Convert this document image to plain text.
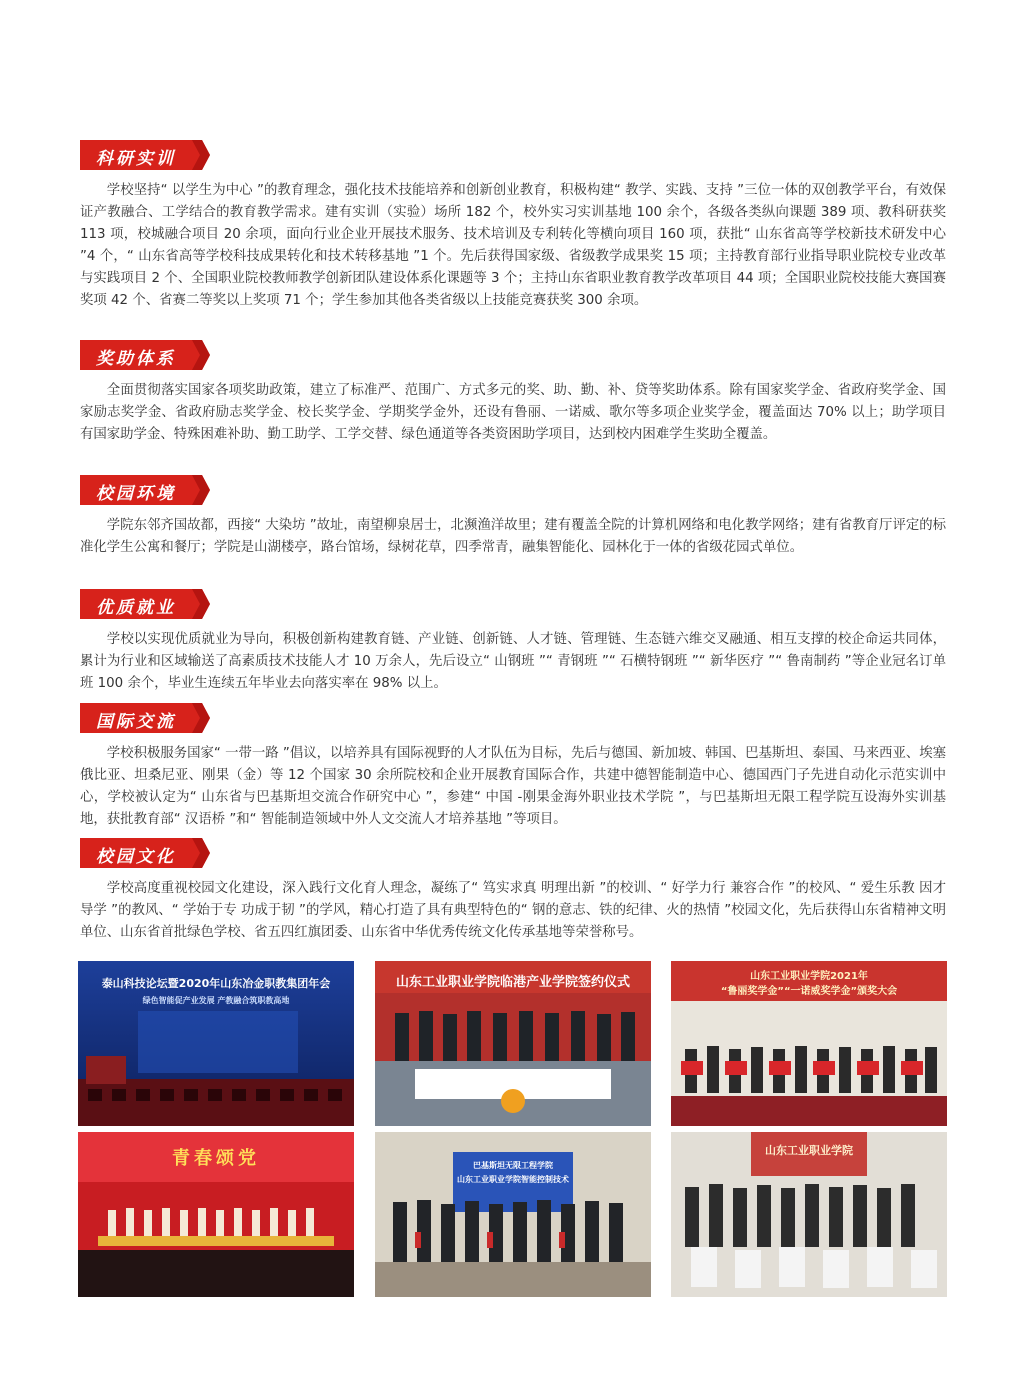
科研实训

学校坚持“ 以学生为中心 ”的教育理念，强化技术技能培养和创新创业教育，积极构建“ 教学、实践、支持 ”三位一体的双创教学平台，有效保证产教融合、工学结合的教育教学需求。建有实训（实验）场所 182 个，校外实习实训基地 100 余个，各级各类纵向课题 389 项、教科研获奖 113 项，校城融合项目 20 余项，面向行业企业开展技术服务、技术培训及专利转化等横向项目 160 项，获批“ 山东省高等学校新技术研发中心 ”4 个，“ 山东省高等学校科技成果转化和技术转移基地 ”1 个。先后获得国家级、省级教学成果奖 15 项；主持教育部行业指导职业院校专业改革与实践项目 2 个、全国职业院校教师教学创新团队建设体系化课题等 3 个；主持山东省职业教育教学改革项目 44 项；全国职业院校技能大赛国赛奖项 42 个、省赛二等奖以上奖项 71 个；学生参加其他各类省级以上技能竞赛获奖 300 余项。

奖助体系

全面贯彻落实国家各项奖助政策，建立了标准严、范围广、方式多元的奖、助、勤、补、贷等奖助体系。除有国家奖学金、省政府奖学金、国家励志奖学金、省政府励志奖学金、校长奖学金、学期奖学金外，还设有鲁丽、一诺威、歌尔等多项企业奖学金，覆盖面达 70% 以上；助学项目有国家助学金、特殊困难补助、勤工助学、工学交替、绿色通道等各类资困助学项目，达到校内困难学生奖助全覆盖。

校园环境

学院东邻齐国故都，西接“ 大染坊 ”故址，南望柳泉居士，北濒渔洋故里；建有覆盖全院的计算机网络和电化教学网络；建有省教育厅评定的标准化学生公寓和餐厅；学院是山湖楼亭，路台馆场，绿树花草，四季常青，融集智能化、园林化于一体的省级花园式单位。

优质就业

学校以实现优质就业为导向，积极创新构建教育链、产业链、创新链、人才链、管理链、生态链六维交叉融通、相互支撑的校企命运共同体，累计为行业和区域输送了高素质技术技能人才 10 万余人，先后设立“ 山钢班 ”“ 青钢班 ”“ 石横特钢班 ”“ 新华医疗 ”“ 鲁南制药 ”等企业冠名订单班 100 余个，毕业生连续五年毕业去向落实率在 98% 以上。

国际交流

学校积极服务国家“ 一带一路 ”倡议，以培养具有国际视野的人才队伍为目标，先后与德国、新加坡、韩国、巴基斯坦、泰国、马来西亚、埃塞俄比亚、坦桑尼亚、刚果（金）等 12 个国家 30 余所院校和企业开展教育国际合作，共建中德智能制造中心、德国西门子先进自动化示范实训中心，学校被认定为“ 山东省与巴基斯坦交流合作研究中心 ”，参建“ 中国 -刚果金海外职业技术学院 ”，与巴基斯坦无限工程学院互设海外实训基地，获批教育部“ 汉语桥 ”和“ 智能制造领域中外人文交流人才培养基地 ”等项目。

校园文化

学校高度重视校园文化建设，深入践行文化育人理念，凝练了“ 笃实求真 明理出新 ”的校训、“ 好学力行 兼容合作 ”的校风、“ 爱生乐教 因才导学 ”的教风、“ 学始于专 功成于韧 ”的学风，精心打造了具有典型特色的“ 钢的意志、铁的纪律、火的热情 ”校园文化，先后获得山东省精神文明单位、山东省首批绿色学校、省五四红旗团委、山东省中华优秀传统文化传承基地等荣誉称号。

泰山科技论坛暨2020年山东冶金职教集团年会
绿色智能促产业发展 产教融合筑职教高地
山东工业职业学院临港产业学院签约仪式	山东工业职业学院2021年
“鲁丽奖学金”“一诺威奖学金”颁奖大会
青春颂党	巴基斯坦无限工程学院
山东工业职业学院智能控制技术
山东工业职业学院
